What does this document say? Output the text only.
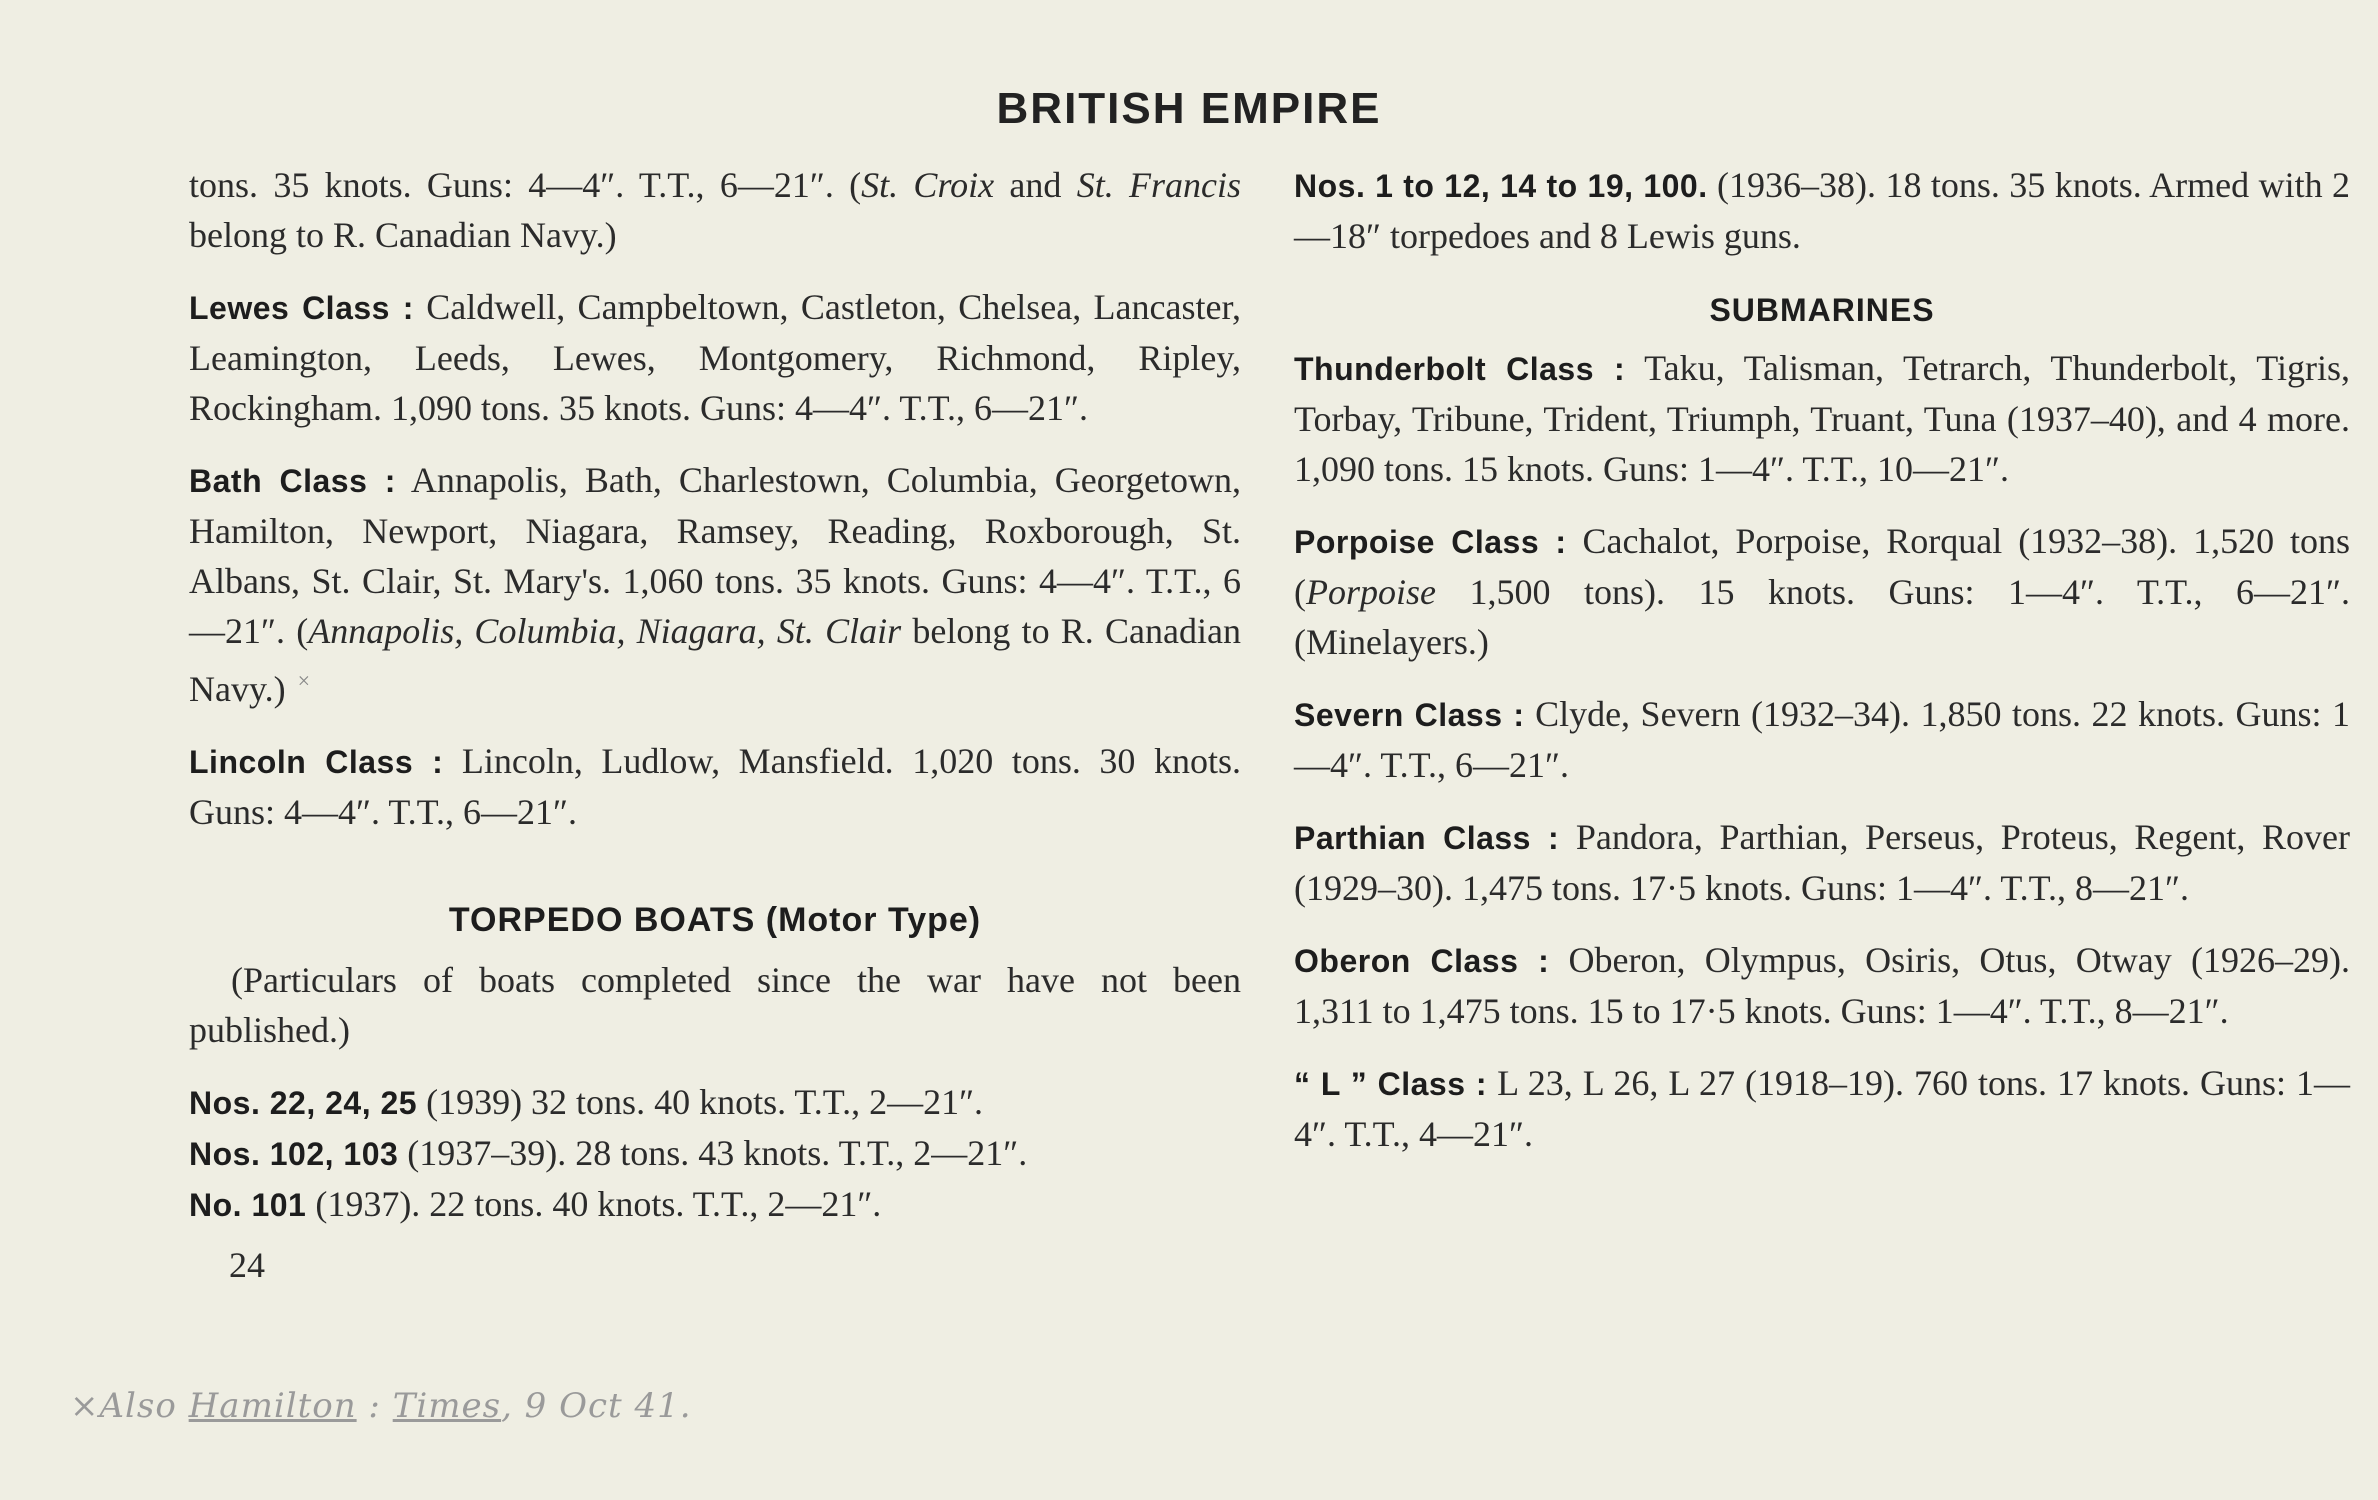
BRITISH EMPIRE

tons. 35 knots. Guns: 4—4″. T.T., 6—21″. (St. Croix and St. Francis belong to R. Canadian Navy.)

Lewes Class : Caldwell, Campbeltown, Castleton, Chelsea, Lancaster, Leamington, Leeds, Lewes, Montgomery, Richmond, Ripley, Rockingham. 1,090 tons. 35 knots. Guns: 4—4″. T.T., 6—21″.

Bath Class : Annapolis, Bath, Charlestown, Columbia, Georgetown, Hamilton, Newport, Niagara, Ramsey, Reading, Roxborough, St. Albans, St. Clair, St. Mary's. 1,060 tons. 35 knots. Guns: 4—4″. T.T., 6—21″. (Annapolis, Columbia, Niagara, St. Clair belong to R. Canadian Navy.) ×

Lincoln Class : Lincoln, Ludlow, Mansfield. 1,020 tons. 30 knots. Guns: 4—4″. T.T., 6—21″.

TORPEDO BOATS (Motor Type)

(Particulars of boats completed since the war have not been published.)

Nos. 22, 24, 25 (1939) 32 tons. 40 knots. T.T., 2—21″.

Nos. 102, 103 (1937–39). 28 tons. 43 knots. T.T., 2—21″.

No. 101 (1937). 22 tons. 40 knots. T.T., 2—21″.

24

Nos. 1 to 12, 14 to 19, 100. (1936–38). 18 tons. 35 knots. Armed with 2—18″ torpedoes and 8 Lewis guns.

SUBMARINES

Thunderbolt Class : Taku, Talisman, Tetrarch, Thunderbolt, Tigris, Torbay, Tribune, Trident, Triumph, Truant, Tuna (1937–40), and 4 more. 1,090 tons. 15 knots. Guns: 1—4″. T.T., 10—21″.

Porpoise Class : Cachalot, Porpoise, Rorqual (1932–38). 1,520 tons (Porpoise 1,500 tons). 15 knots. Guns: 1—4″. T.T., 6—21″. (Minelayers.)

Severn Class : Clyde, Severn (1932–34). 1,850 tons. 22 knots. Guns: 1—4″. T.T., 6—21″.

Parthian Class : Pandora, Parthian, Perseus, Proteus, Regent, Rover (1929–30). 1,475 tons. 17·5 knots. Guns: 1—4″. T.T., 8—21″.

Oberon Class : Oberon, Olympus, Osiris, Otus, Otway (1926–29). 1,311 to 1,475 tons. 15 to 17·5 knots. Guns: 1—4″. T.T., 8—21″.

“ L ” Class : L 23, L 26, L 27 (1918–19). 760 tons. 17 knots. Guns: 1—4″. T.T., 4—21″.

×Also Hamilton : Times, 9 Oct 41.
